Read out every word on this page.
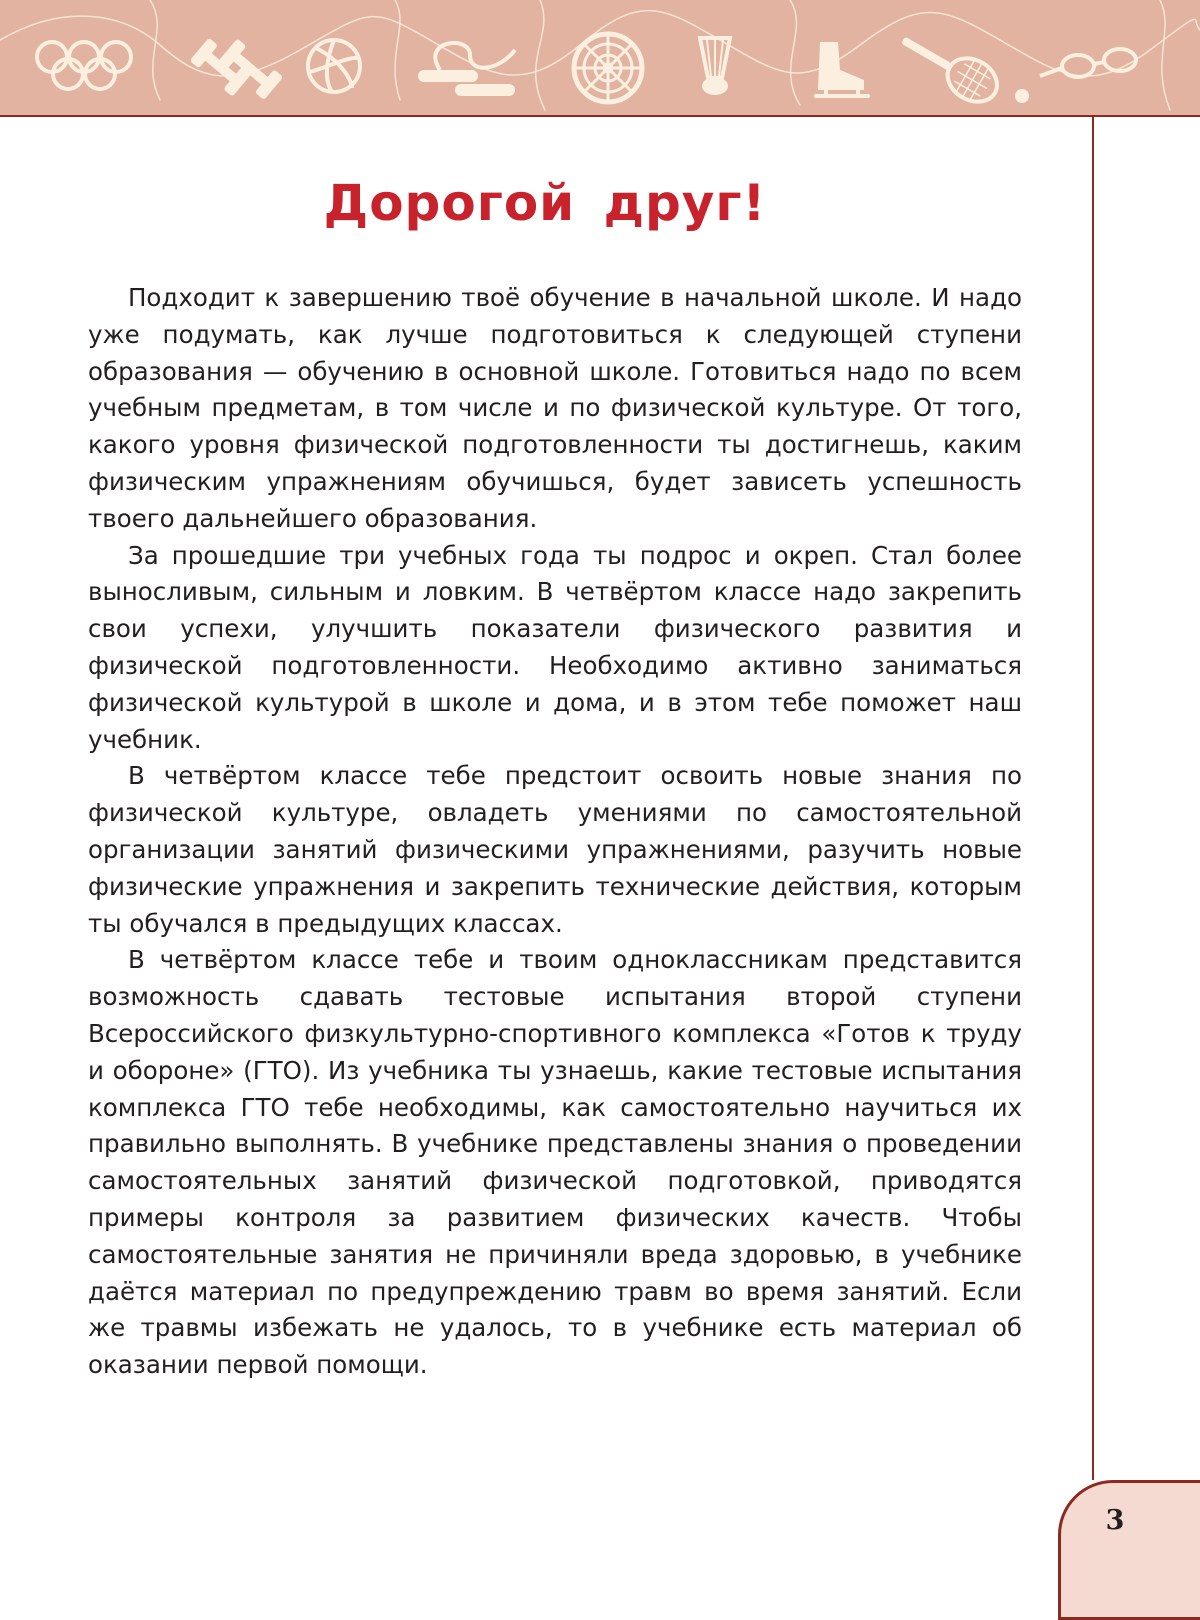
Дорогой друг!

Подходит к завершению твоё обучение в начальной школе. И надо уже подумать, как лучше подготовиться к следующей ступени образования — обучению в основной школе. Готовиться надо по всем учебным предметам, в том числе и по физической культуре. От того, какого уровня физической подготовленности ты достигнешь, каким физическим упражнениям обучишься, будет зависеть успешность твоего дальнейшего образования.

За прошедшие три учебных года ты подрос и окреп. Стал более выносливым, сильным и ловким. В четвёртом классе надо закрепить свои успехи, улучшить показатели физического развития и физической подготовленности. Необходимо активно заниматься физической культурой в школе и дома, и в этом тебе поможет наш учебник.

В четвёртом классе тебе предстоит освоить новые знания по физической культуре, овладеть умениями по самостоятельной организации занятий физическими упражнениями, разучить новые физические упражнения и закрепить технические действия, которым ты обучался в предыдущих классах.

В четвёртом классе тебе и твоим одноклассникам представится возможность сдавать тестовые испытания второй ступени Всероссийского физкультурно-спортивного комплекса «Готов к труду и обороне» (ГТО). Из учебника ты узнаешь, какие тестовые испытания комплекса ГТО тебе необходимы, как самостоятельно научиться их правильно выполнять. В учебнике представлены знания о проведении самостоятельных занятий физической подготовкой, приводятся примеры контроля за развитием физических качеств. Чтобы самостоятельные занятия не причиняли вреда здоровью, в учебнике даётся материал по предупреждению травм во время занятий. Если же травмы избежать не удалось, то в учебнике есть материал об оказании первой помощи.

3
